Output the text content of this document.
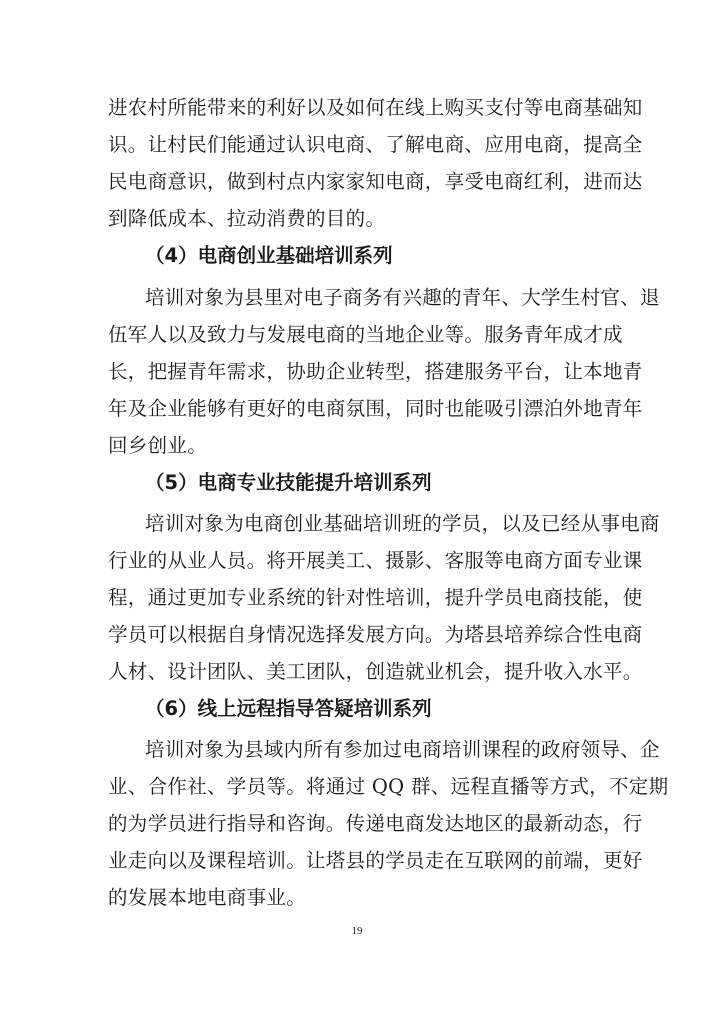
进农村所能带来的利好以及如何在线上购买支付等电商基础知
识。让村民们能通过认识电商、了解电商、应用电商，提高全
民电商意识，做到村点内家家知电商，享受电商红利，进而达
到降低成本、拉动消费的目的。
（4）电商创业基础培训系列
培训对象为县里对电子商务有兴趣的青年、大学生村官、退
伍军人以及致力与发展电商的当地企业等。服务青年成才成
长，把握青年需求，协助企业转型，搭建服务平台，让本地青
年及企业能够有更好的电商氛围，同时也能吸引漂泊外地青年
回乡创业。
（5）电商专业技能提升培训系列
培训对象为电商创业基础培训班的学员，以及已经从事电商
行业的从业人员。将开展美工、摄影、客服等电商方面专业课
程，通过更加专业系统的针对性培训，提升学员电商技能，使
学员可以根据自身情况选择发展方向。为塔县培养综合性电商
人材、设计团队、美工团队，创造就业机会，提升收入水平。
（6）线上远程指导答疑培训系列
培训对象为县域内所有参加过电商培训课程的政府领导、企
业、合作社、学员等。将通过 QQ 群、远程直播等方式，不定期
的为学员进行指导和咨询。传递电商发达地区的最新动态，行
业走向以及课程培训。让塔县的学员走在互联网的前端，更好
的发展本地电商事业。
19
